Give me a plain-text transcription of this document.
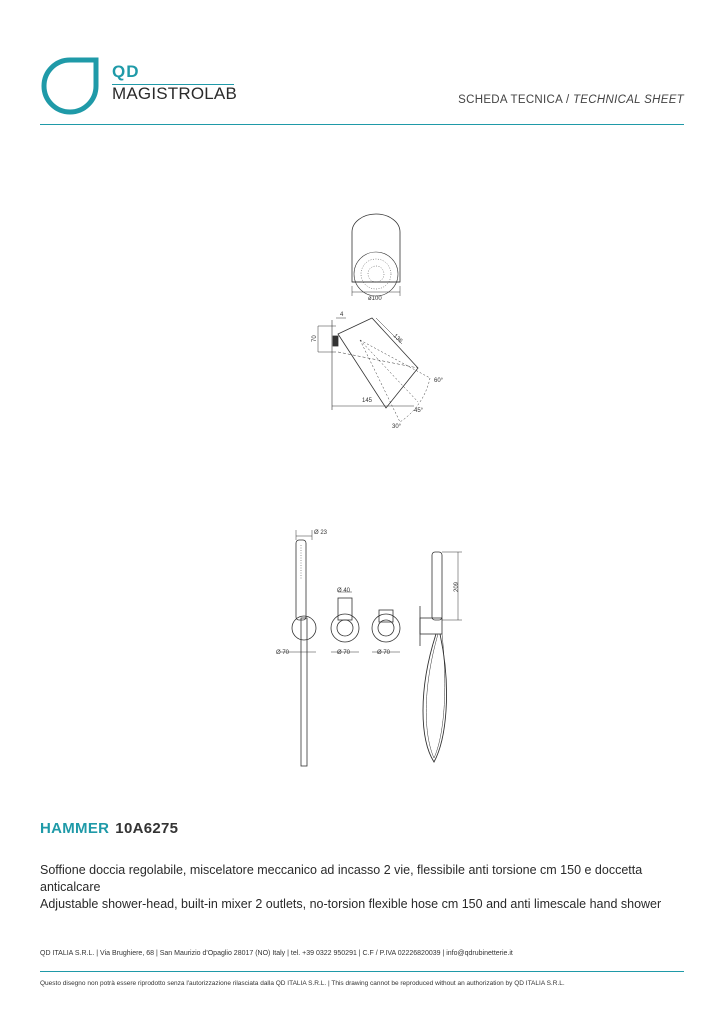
QD
MAGISTROLAB	SCHEDA TECNICA / TECHNICAL SHEET
ø100
4
70	136
145
60°
45°
30°
Ø 23
Ø 40
Ø 70	Ø 70	Ø 70
209
HAMMER 10A6275
Soffione doccia regolabile, miscelatore meccanico ad incasso 2 vie, flessibile anti torsione cm 150 e doccetta anticalcare
Adjustable shower-head, built-in mixer 2 outlets, no-torsion flexible hose cm 150 and anti limescale hand shower
QD ITALIA S.R.L. | Via Brughiere, 68 | San Maurizio d'Opaglio 28017 (NO) Italy | tel. +39 0322 950291 | C.F / P.IVA 02226820039 | info@qdrubinetterie.it
Questo disegno non potrà essere riprodotto senza l'autorizzazione rilasciata dalla QD ITALIA S.R.L. | This drawing cannot be reproduced without an authorization by QD ITALIA S.R.L.
